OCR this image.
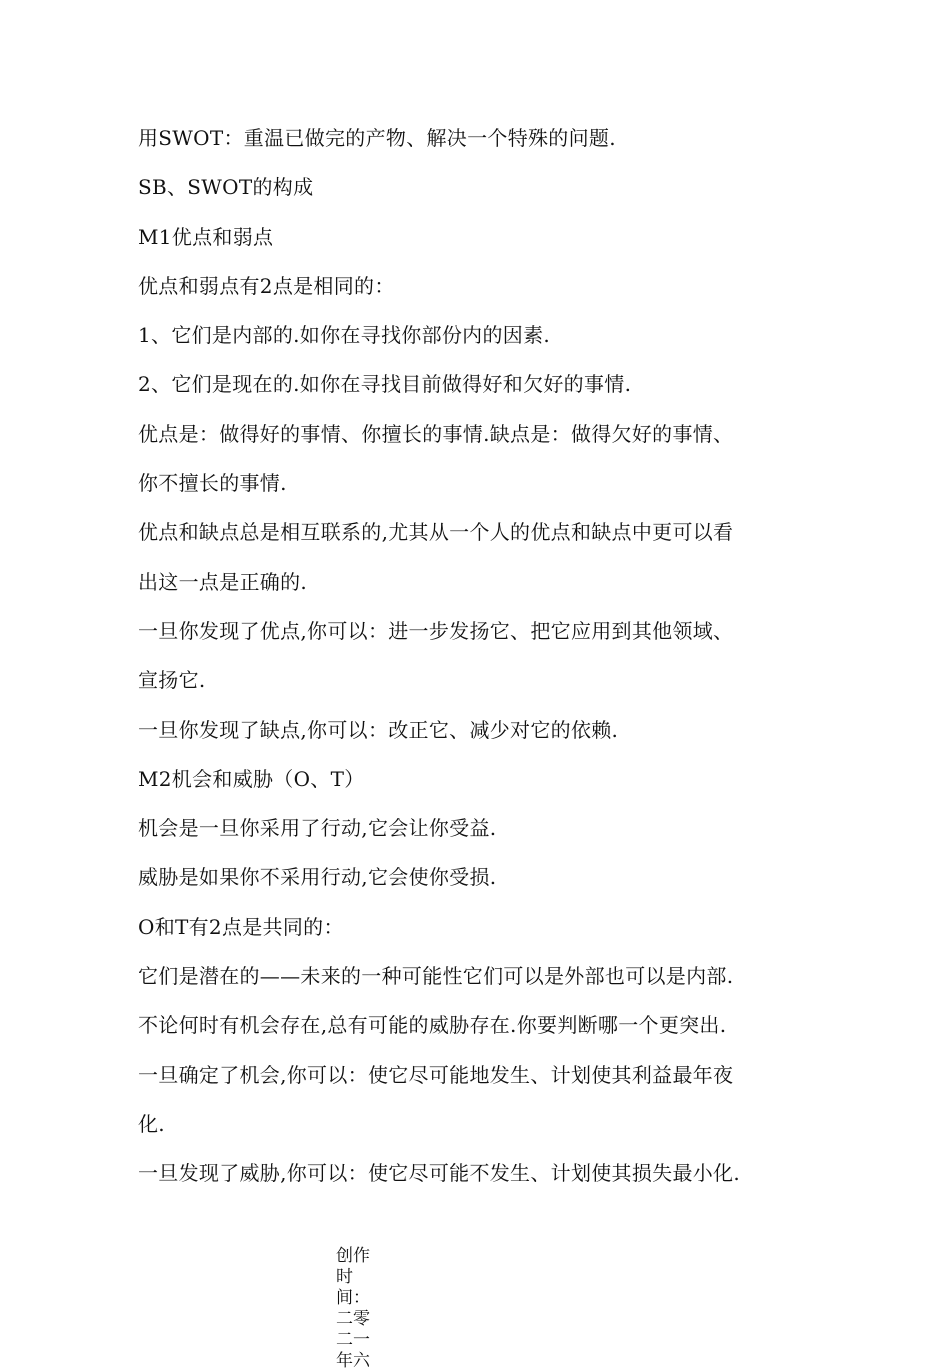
用SWOT：重温已做完的产物、解决一个特殊的问题.
SB、SWOT的构成
M1优点和弱点
优点和弱点有2点是相同的：
1、它们是内部的.如你在寻找你部份内的因素.
2、它们是现在的.如你在寻找目前做得好和欠好的事情.
优点是：做得好的事情、你擅长的事情.缺点是：做得欠好的事情、
你不擅长的事情.
优点和缺点总是相互联系的,尤其从一个人的优点和缺点中更可以看
出这一点是正确的.
一旦你发现了优点,你可以：进一步发扬它、把它应用到其他领域、
宣扬它.
一旦你发现了缺点,你可以：改正它、减少对它的依赖.
M2机会和威胁（O、T）
机会是一旦你采用了行动,它会让你受益.
威胁是如果你不采用行动,它会使你受损.
O和T有2点是共同的：
它们是潜在的——未来的一种可能性它们可以是外部也可以是内部.
不论何时有机会存在,总有可能的威胁存在.你要判断哪一个更突出.
一旦确定了机会,你可以：使它尽可能地发生、计划使其利益最年夜
化.
一旦发现了威胁,你可以：使它尽可能不发生、计划使其损失最小化.
创作时间：二零二一年六
